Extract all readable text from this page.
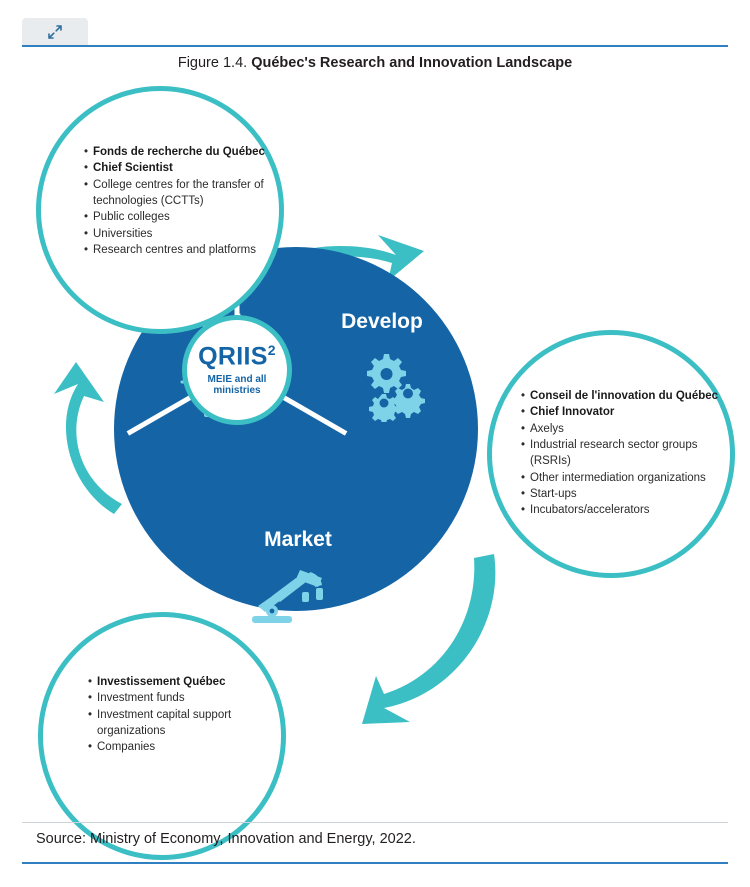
Figure 1.4. Québec's Research and Innovation Landscape
Develop
Market
QRIIS$^2$
MEIE and all
ministries
• Fonds de recherche du Québec
• Chief Scientist
• College centres for the transfer of technologies (CCTTs)
• Public colleges
• Universities
• Research centres and platforms
• Conseil de l'innovation du Québec
• Chief Innovator
• Axelys
• Industrial research sector groups (RSRIs)
• Other intermediation organizations
• Start-ups
• Incubators/accelerators
• Investissement Québec
• Investment funds
• Investment capital support organizations
• Companies
Source: Ministry of Economy, Innovation and Energy, 2022.
